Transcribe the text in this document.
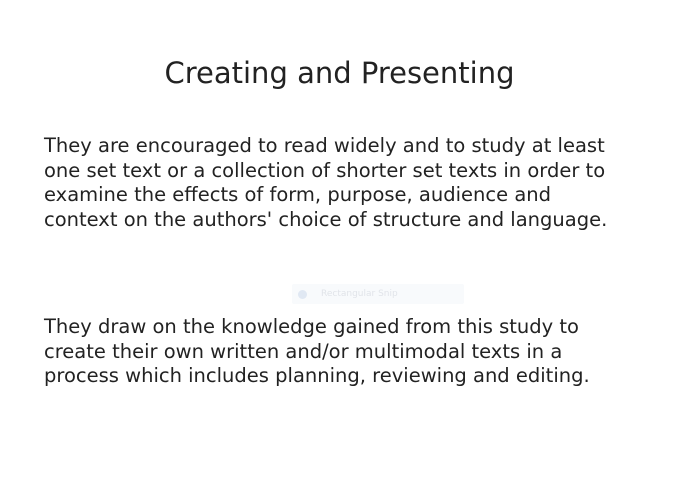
Creating and Presenting

They are encouraged to read widely and to study at least one set text or a collection of shorter set texts in order to examine the effects of form, purpose, audience and context on the authors' choice of structure and language.

Rectangular Snip

They draw on the knowledge gained from this study to create their own written and/or multimodal texts in a process which includes planning, reviewing and editing.
